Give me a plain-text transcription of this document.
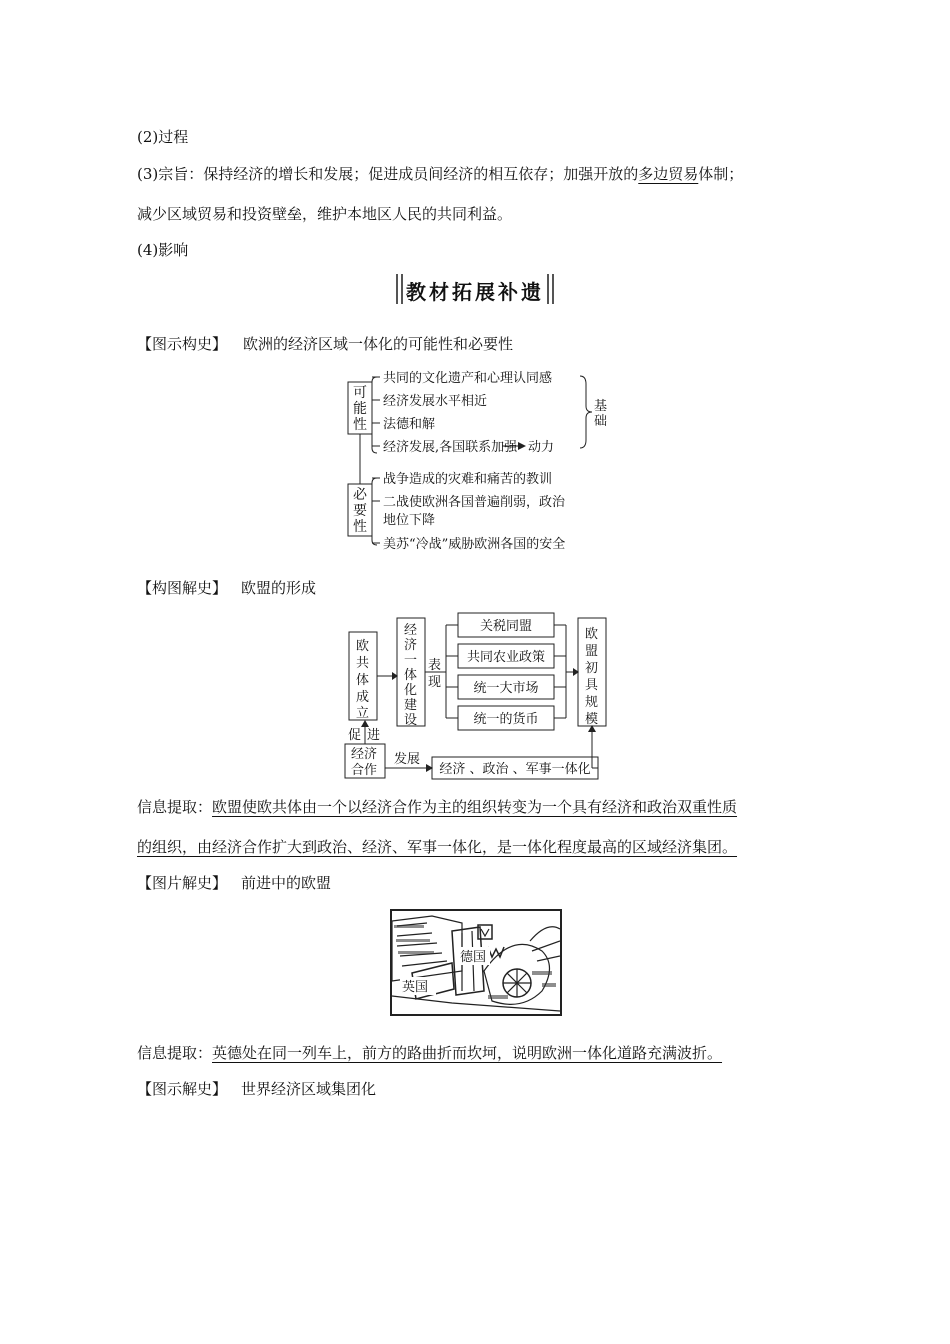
(2)过程
(3)宗旨：保持经济的增长和发展；促进成员间经济的相互依存；加强开放的多边贸易体制；
减少区域贸易和投资壁垒，维护本地区人民的共同利益。
(4)影响
教材拓展补遗
【图示构史】 欧洲的经济区域一体化的可能性和必要性
可
能
性
必
要
性
共同的文化遗产和心理认同感
经济发展水平相近
法德和解
经济发展,各国联系加强 动力
基
础
战争造成的灾难和痛苦的教训
二战使欧洲各国普遍削弱，政治
地位下降
美苏“冷战”威胁欧洲各国的安全
【构图解史】 欧盟的形成
欧
共
体
成
立
经
济
一
体
化
建
设
表
现
关税同盟
共同农业政策
统一大市场
统一的货币
欧
盟
初
具
规
模
促 进
经济
合作
发展
经济 、政治 、军事一体化
信息提取：欧盟使欧共体由一个以经济合作为主的组织转变为一个具有经济和政治双重性质
的组织，由经济合作扩大到政治、经济、军事一体化，是一体化程度最高的区域经济集团。
【图片解史】 前进中的欧盟
英国
德国
信息提取：英德处在同一列车上，前方的路曲折而坎坷，说明欧洲一体化道路充满波折。
【图示解史】 世界经济区域集团化
